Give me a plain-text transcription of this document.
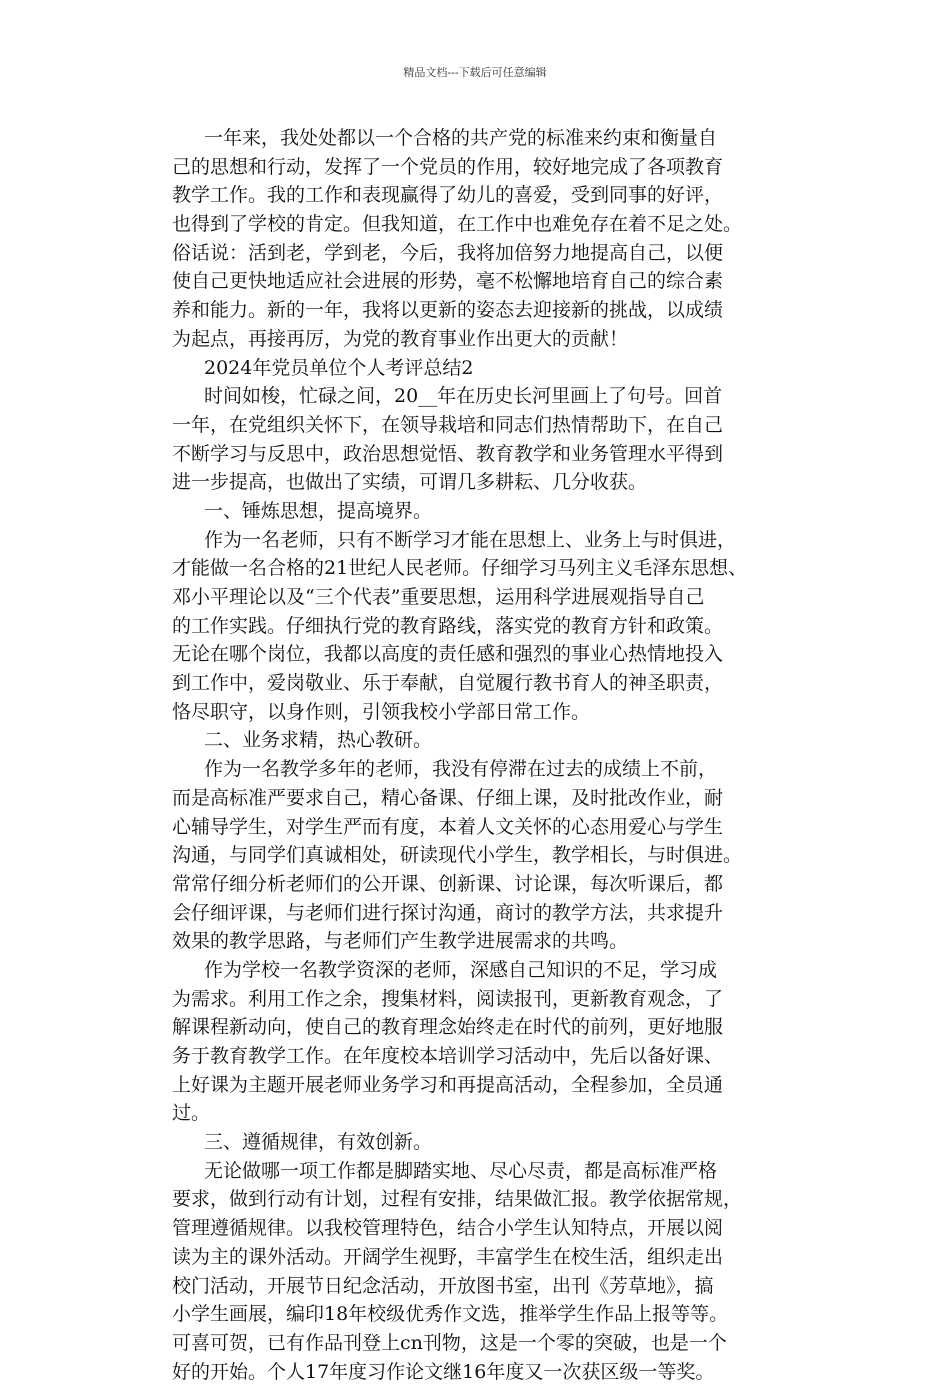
精品文档---下载后可任意编辑
一年来，我处处都以一个合格的共产党的标准来约束和衡量自
己的思想和行动，发挥了一个党员的作用，较好地完成了各项教育
教学工作。我的工作和表现赢得了幼儿的喜爱，受到同事的好评，
也得到了学校的肯定。但我知道，在工作中也难免存在着不足之处。
俗话说：活到老，学到老，今后，我将加倍努力地提高自己，以便
使自己更快地适应社会进展的形势，毫不松懈地培育自己的综合素
养和能力。新的一年，我将以更新的姿态去迎接新的挑战，以成绩
为起点，再接再厉，为党的教育事业作出更大的贡献！
2024年党员单位个人考评总结2
时间如梭，忙碌之间，20__年在历史长河里画上了句号。回首
一年，在党组织关怀下，在领导栽培和同志们热情帮助下，在自己
不断学习与反思中，政治思想觉悟、教育教学和业务管理水平得到
进一步提高，也做出了实绩，可谓几多耕耘、几分收获。
一、锤炼思想，提高境界。
作为一名老师，只有不断学习才能在思想上、业务上与时俱进，
才能做一名合格的21世纪人民老师。仔细学习马列主义毛泽东思想、
邓小平理论以及“三个代表”重要思想，运用科学进展观指导自己
的工作实践。仔细执行党的教育路线，落实党的教育方针和政策。
无论在哪个岗位，我都以高度的责任感和强烈的事业心热情地投入
到工作中，爱岗敬业、乐于奉献，自觉履行教书育人的神圣职责，
恪尽职守，以身作则，引领我校小学部日常工作。
二、业务求精，热心教研。
作为一名教学多年的老师，我没有停滞在过去的成绩上不前，
而是高标准严要求自己，精心备课、仔细上课，及时批改作业，耐
心辅导学生，对学生严而有度，本着人文关怀的心态用爱心与学生
沟通，与同学们真诚相处，研读现代小学生，教学相长，与时俱进。
常常仔细分析老师们的公开课、创新课、讨论课，每次听课后，都
会仔细评课，与老师们进行探讨沟通，商讨的教学方法，共求提升
效果的教学思路，与老师们产生教学进展需求的共鸣。
作为学校一名教学资深的老师，深感自己知识的不足，学习成
为需求。利用工作之余，搜集材料，阅读报刊，更新教育观念，了
解课程新动向，使自己的教育理念始终走在时代的前列，更好地服
务于教育教学工作。在年度校本培训学习活动中，先后以备好课、
上好课为主题开展老师业务学习和再提高活动，全程参加，全员通
过。
三、遵循规律，有效创新。
无论做哪一项工作都是脚踏实地、尽心尽责，都是高标准严格
要求，做到行动有计划，过程有安排，结果做汇报。教学依据常规，
管理遵循规律。以我校管理特色，结合小学生认知特点，开展以阅
读为主的课外活动。开阔学生视野，丰富学生在校生活，组织走出
校门活动，开展节日纪念活动，开放图书室，出刊《芳草地》，搞
小学生画展，编印18年校级优秀作文选，推举学生作品上报等等。
可喜可贺，已有作品刊登上cn刊物，这是一个零的突破，也是一个
好的开始。个人17年度习作论文继16年度又一次获区级一等奖。
